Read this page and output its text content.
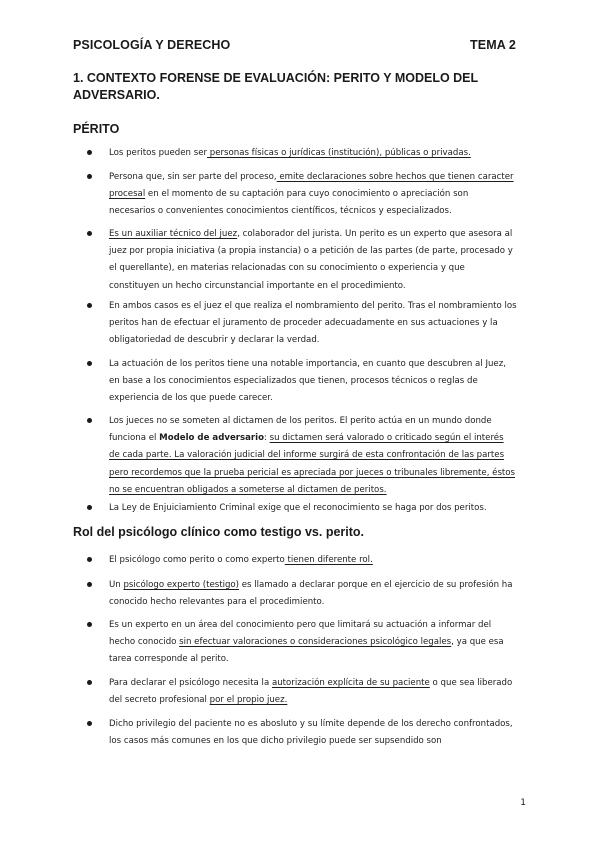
PSICOLOGÍA Y DERECHO	TEMA 2
1. CONTEXTO FORENSE DE EVALUACIÓN: PERITO Y MODELO DEL ADVERSARIO.
PÉRITO
Los peritos pueden ser personas físicas o jurídicas (institución), públicas o privadas.
Persona que, sin ser parte del proceso, emite declaraciones sobre hechos que tienen caracter procesal en el momento de su captación para cuyo conocimiento o apreciación son necesarios o convenientes conocimientos científicos, técnicos y especializados.
Es un auxiliar técnico del juez, colaborador del jurista. Un perito es un experto que asesora al juez por propia iniciativa (a propia instancia) o a petición de las partes (de parte, procesado y el querellante), en materias relacionadas con su conocimiento o experiencia y que constituyen un hecho circunstancial importante en el procedimiento.
En ambos casos es el juez el que realiza el nombramiento del perito. Tras el nombramiento los peritos han de efectuar el juramento de proceder adecuadamente en sus actuaciones y la obligatoriedad de descubrir y declarar la verdad.
La actuación de los peritos tiene una notable importancia, en cuanto que descubren al Juez, en base a los conocimientos especializados que tienen, procesos técnicos o reglas de experiencia de los que puede carecer.
Los jueces no se someten al dictamen de los peritos. El perito actúa en un mundo donde funciona el Modelo de adversario: su dictamen será valorado o criticado según el interés de cada parte. La valoración judicial del informe surgirá de esta confrontación de las partes pero recordemos que la prueba pericial es apreciada por jueces o tribunales libremente, éstos no se encuentran obligados a someterse al dictamen de peritos.
La Ley de Enjuiciamiento Criminal exige que el reconocimiento se haga por dos peritos.
Rol del psicólogo clínico como testigo vs. perito.
El psicólogo como perito o como experto tienen diferente rol.
Un psicólogo experto (testigo) es llamado a declarar porque en el ejercicio de su profesión ha conocido hecho relevantes para el procedimiento.
Es un experto en un área del conocimiento pero que limitará su actuación a informar del hecho conocido sin efectuar valoraciones o consideraciones psicológico legales, ya que esa tarea corresponde al perito.
Para declarar el psicólogo necesita la autorización explícita de su paciente o que sea liberado del secreto profesional por el propio juez.
Dicho privilegio del paciente no es abosluto y su límite depende de los derecho confrontados, los casos más comunes en los que dicho privilegio puede ser supsendido son
1
